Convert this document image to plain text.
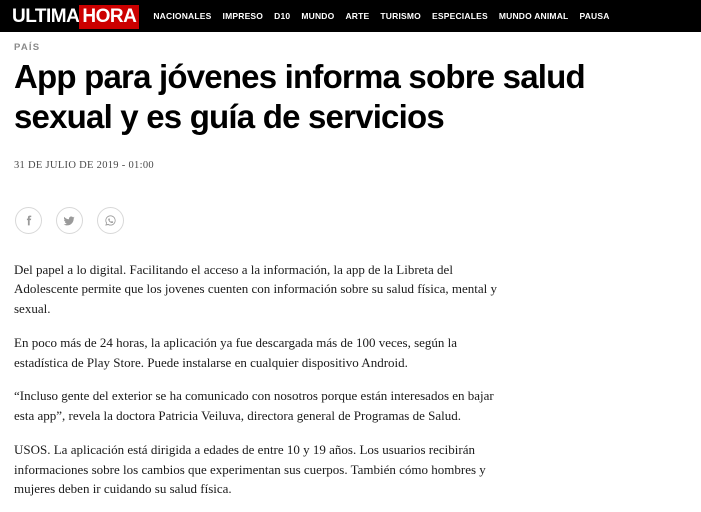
ULTIMA HORA	NACIONALES IMPRESO D10 MUNDO ARTE TURISMO ESPECIALES MUNDO ANIMAL PAUSA
PAÍS
App para jóvenes informa sobre salud sexual y es guía de servicios
31 DE JULIO DE 2019 - 01:00

Del papel a lo digital. Facilitando el acceso a la información, la app de la Libreta del Adolescente permite que los jovenes cuenten con información sobre su salud física, mental y sexual.

En poco más de 24 horas, la aplicación ya fue descargada más de 100 veces, según la estadística de Play Store. Puede instalarse en cualquier dispositivo Android.

“Incluso gente del exterior se ha comunicado con nosotros porque están interesados en bajar esta app”, revela la doctora Patricia Veiluva, directora general de Programas de Salud.

USOS. La aplicación está dirigida a edades de entre 10 y 19 años. Los usuarios recibirán informaciones sobre los cambios que experimentan sus cuerpos. También cómo hombres y mujeres deben ir cuidando su salud física.
